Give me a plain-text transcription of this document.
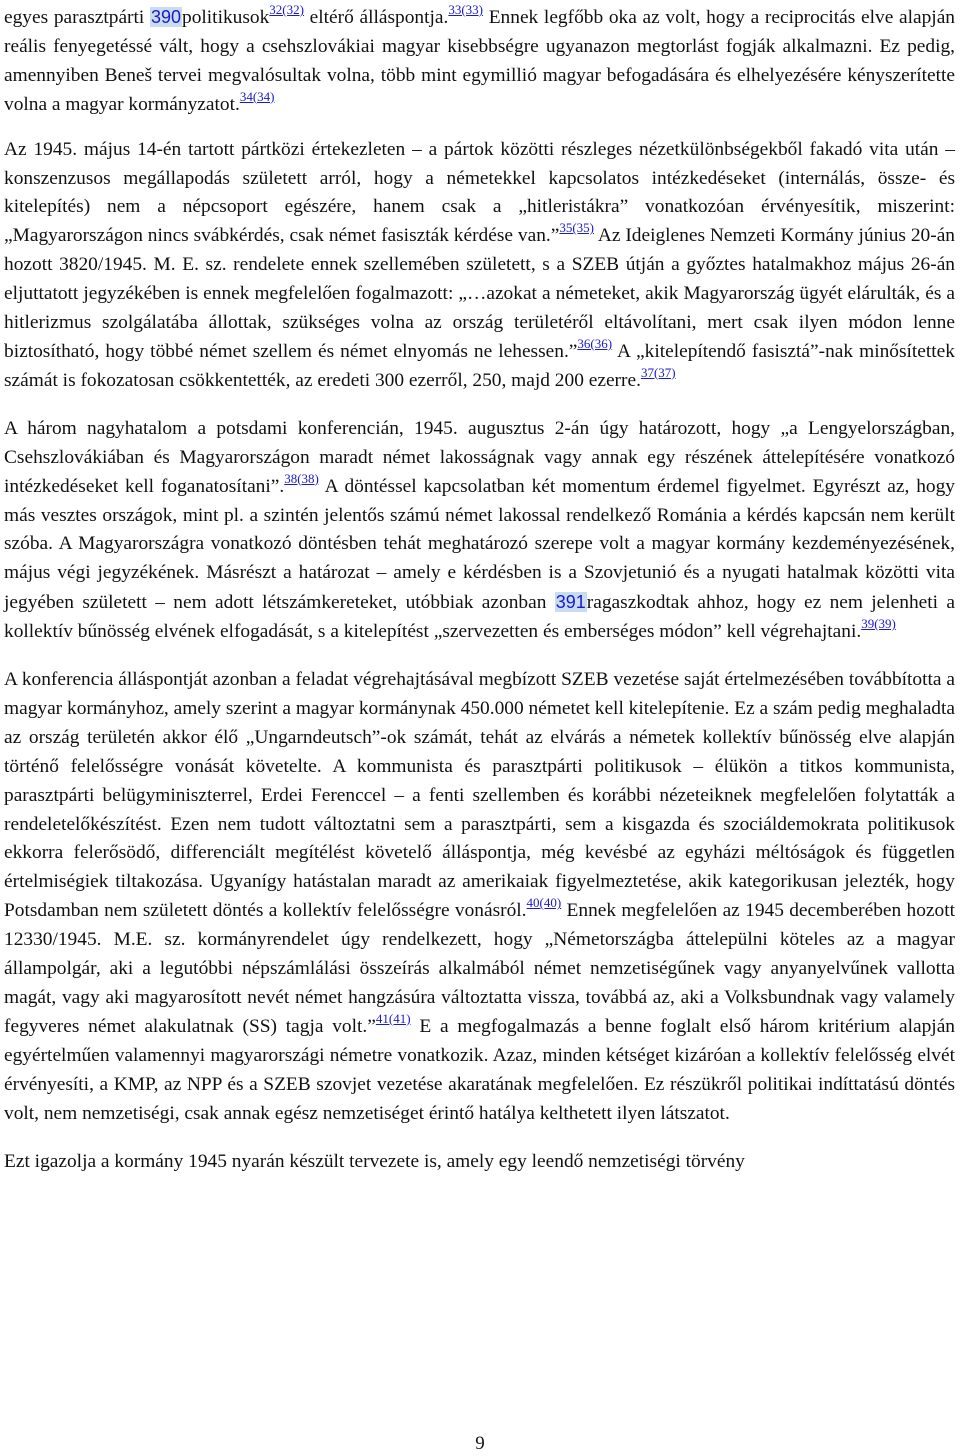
egyes parasztpárti 390politikusok$^{32(32)}$ eltérő álláspontja.$^{33(33)}$ Ennek legfőbb oka az volt, hogy a reciprocitás elve alapján reális fenyegetéssé vált, hogy a csehszlovákiai magyar kisebbségre ugyanazon megtorlást fogják alkalmazni. Ez pedig, amennyiben Beneš tervei megvalósultak volna, több mint egymillió magyar befogadására és elhelyezésére kényszerítette volna a magyar kormányzatot.$^{34(34)}$

Az 1945. május 14-én tartott pártközi értekezleten – a pártok közötti részleges nézetkülönbségekből fakadó vita után – konszenzusos megállapodás született arról, hogy a németekkel kapcsolatos intézkedéseket (internálás, össze- és kitelepítés) nem a népcsoport egészére, hanem csak a „hitleristákra” vonatkozóan érvényesítik, miszerint: „Magyarországon nincs svábkérdés, csak német fasiszták kérdése van.”$^{35(35)}$ Az Ideiglenes Nemzeti Kormány június 20-án hozott 3820/1945. M. E. sz. rendelete ennek szellemében született, s a SZEB útján a győztes hatalmakhoz május 26-án eljuttatott jegyzékében is ennek megfelelően fogalmazott: „…azokat a németeket, akik Magyarország ügyét elárulták, és a hitlerizmus szolgálatába állottak, szükséges volna az ország területéről eltávolítani, mert csak ilyen módon lenne biztosítható, hogy többé német szellem és német elnyomás ne lehessen.”$^{36(36)}$ A „kitelepítendő fasisztá”-nak minősítettek számát is fokozatosan csökkentették, az eredeti 300 ezerről, 250, majd 200 ezerre.$^{37(37)}$

A három nagyhatalom a potsdami konferencián, 1945. augusztus 2-án úgy határozott, hogy „a Lengyelországban, Csehszlovákiában és Magyarországon maradt német lakosságnak vagy annak egy részének áttelepítésére vonatkozó intézkedéseket kell foganatosítani”.$^{38(38)}$ A döntéssel kapcsolatban két momentum érdemel figyelmet. Egyrészt az, hogy más vesztes országok, mint pl. a szintén jelentős számú német lakossal rendelkező Románia a kérdés kapcsán nem került szóba. A Magyarországra vonatkozó döntésben tehát meghatározó szerepe volt a magyar kormány kezdeményezésének, május végi jegyzékének. Másrészt a határozat – amely e kérdésben is a Szovjetunió és a nyugati hatalmak közötti vita jegyében született – nem adott létszámkereteket, utóbbiak azonban 391ragaszkodtak ahhoz, hogy ez nem jelenheti a kollektív bűnösség elvének elfogadását, s a kitelepítést „szervezetten és emberséges módon” kell végrehajtani.$^{39(39)}$

A konferencia álláspontját azonban a feladat végrehajtásával megbízott SZEB vezetése saját értelmezésében továbbította a magyar kormányhoz, amely szerint a magyar kormánynak 450.000 németet kell kitelepítenie. Ez a szám pedig meghaladta az ország területén akkor élő „Ungarndeutsch”-ok számát, tehát az elvárás a németek kollektív bűnösség elve alapján történő felelősségre vonását követelte. A kommunista és parasztpárti politikusok – élükön a titkos kommunista, parasztpárti belügyminiszterrel, Erdei Ferenccel – a fenti szellemben és korábbi nézeteiknek megfelelően folytatták a rendeletelőkészítést. Ezen nem tudott változtatni sem a parasztpárti, sem a kisgazda és szociáldemokrata politikusok ekkorra felerősödő, differenciált megítélést követelő álláspontja, még kevésbé az egyházi méltóságok és független értelmiségiek tiltakozása. Ugyanígy hatástalan maradt az amerikaiak figyelmeztetése, akik kategorikusan jelezték, hogy Potsdamban nem született döntés a kollektív felelősségre vonásról.$^{40(40)}$ Ennek megfelelően az 1945 decemberében hozott 12330/1945. M.E. sz. kormányrendelet úgy rendelkezett, hogy „Németországba áttelepülni köteles az a magyar állampolgár, aki a legutóbbi népszámlálási összeírás alkalmából német nemzetiségűnek vagy anyanyelvűnek vallotta magát, vagy aki magyarosított nevét német hangzásúra változtatta vissza, továbbá az, aki a Volksbundnak vagy valamely fegyveres német alakulatnak (SS) tagja volt.”$^{41(41)}$ E a megfogalmazás a benne foglalt első három kritérium alapján egyértelműen valamennyi magyarországi németre vonatkozik. Azaz, minden kétséget kizáróan a kollektív felelősség elvét érvényesíti, a KMP, az NPP és a SZEB szovjet vezetése akaratának megfelelően. Ez részükről politikai indíttatású döntés volt, nem nemzetiségi, csak annak egész nemzetiséget érintő hatálya kelthetett ilyen látszatot.

Ezt igazolja a kormány 1945 nyarán készült tervezete is, amely egy leendő nemzetiségi törvény

9
